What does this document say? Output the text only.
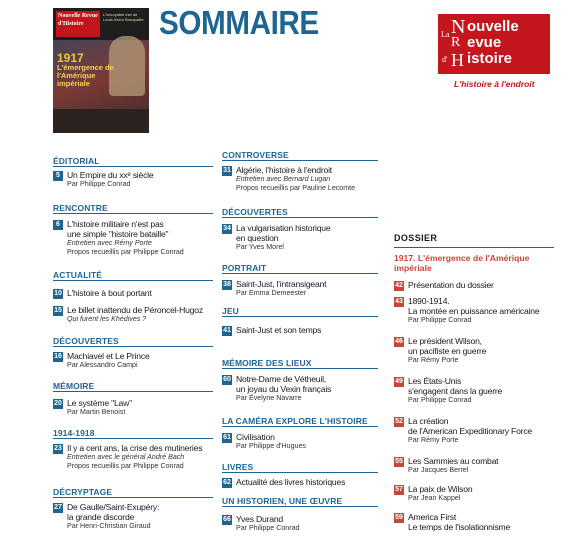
Nouvelle Revue d'Histoire
L'incroyable fuel de Louis-Victor Bonaparte
1917
L'émergence de l'Amérique impériale
SOMMAIRE	La N ouvelle
R evue
d' H istoire
L'histoire à l'endroit
ÉDITORIAL
5 Un Empire du xxᵉ siècle
Par Philippe Conrad
RENCONTRE
6 L'histoire militaire n'est pas
une simple "histoire bataille"
Entretien avec Rémy Porte
Propos recueillis par Philippe Conrad
ACTUALITÉ
10 L'histoire à bout portant
15 Le billet inattendu de Péroncel-Hugoz
Qui furent les Khédives ?
DÉCOUVERTES
16 Machiavel et Le Prince
Par Alessandro Campi
MÉMOIRE
20 Le système "Law"
Par Martin Benoist
1914-1918
23 Il y a cent ans, la crise des mutineries
Entretien avec le général André Bach
Propos recueillis par Philippe Conrad
DÉCRYPTAGE
27 De Gaulle/Saint-Exupéry:
la grande discorde
Par Henri-Christian Giraud
CONTROVERSE
31 Algérie, l'histoire à l'endroit
Entretien avec Bernard Lugan
Propos recueillis par Pauline Lecomte
DÉCOUVERTES
34 La vulgarisation historique
en question
Par Yves Morel
PORTRAIT
38 Saint-Just, l'intransigeant
Par Emma Demeester
JEU
41 Saint-Just et son temps
MÉMOIRE DES LIEUX
60 Notre-Dame de Vétheuil,
un joyau du Vexin français
Par Évelyne Navarre
LA CAMÉRA EXPLORE L'HISTOIRE
61 Civilisation
Par Philippe d'Hugues
LIVRES
62 Actualité des livres historiques
UN HISTORIEN, UNE ŒUVRE
66 Yves Durand
Par Philippe Conrad
DOSSIER
1917. L'émergence de l'Amérique impériale
42 Présentation du dossier
43 1890-1914.
La montée en puissance américaine
Par Philippe Conrad
46 Le président Wilson,
un pacifiste en guerre
Par Rémy Porte
49 Les États-Unis
s'engagent dans la guerre
Par Philippe Conrad
52 La création
de l'American Expeditionary Force
Par Rémy Porte
55 Les Sammies au combat
Par Jacques Berrel
57 La paix de Wilson
Par Jean Kappel
59 America First
Le temps de l'isolationnisme
